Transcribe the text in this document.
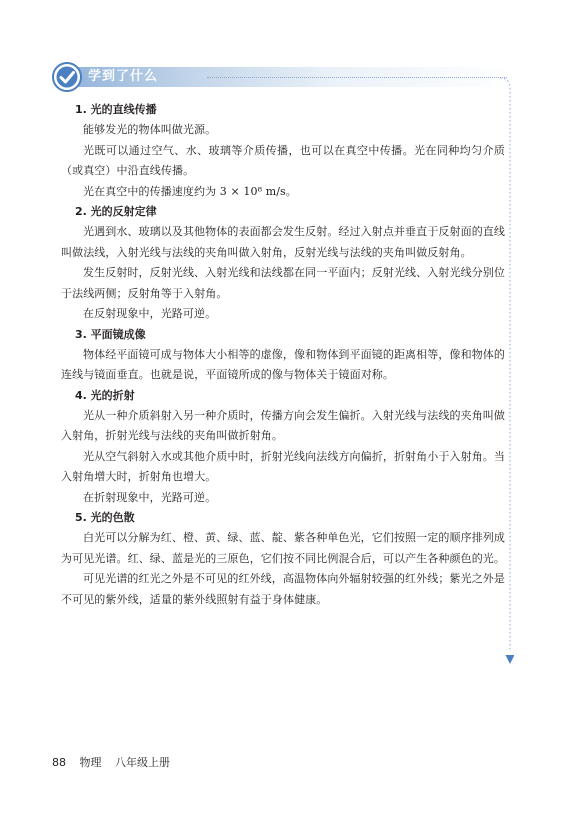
学到了什么

1. 光的直线传播

能够发光的物体叫做光源。

光既可以通过空气、水、玻璃等介质传播，也可以在真空中传播。光在同种均匀介质（或真空）中沿直线传播。

光在真空中的传播速度约为 3 × 10⁸ m/s。

2. 光的反射定律

光遇到水、玻璃以及其他物体的表面都会发生反射。经过入射点并垂直于反射面的直线叫做法线，入射光线与法线的夹角叫做入射角，反射光线与法线的夹角叫做反射角。

发生反射时，反射光线、入射光线和法线都在同一平面内；反射光线、入射光线分别位于法线两侧；反射角等于入射角。

在反射现象中，光路可逆。

3. 平面镜成像

物体经平面镜可成与物体大小相等的虚像，像和物体到平面镜的距离相等，像和物体的连线与镜面垂直。也就是说，平面镜所成的像与物体关于镜面对称。

4. 光的折射

光从一种介质斜射入另一种介质时，传播方向会发生偏折。入射光线与法线的夹角叫做入射角，折射光线与法线的夹角叫做折射角。

光从空气斜射入水或其他介质中时，折射光线向法线方向偏折，折射角小于入射角。当入射角增大时，折射角也增大。

在折射现象中，光路可逆。

5. 光的色散

白光可以分解为红、橙、黄、绿、蓝、靛、紫各种单色光，它们按照一定的顺序排列成为可见光谱。红、绿、蓝是光的三原色，它们按不同比例混合后，可以产生各种颜色的光。

可见光谱的红光之外是不可见的红外线，高温物体向外辐射较强的红外线；紫光之外是不可见的紫外线，适量的紫外线照射有益于身体健康。

88 物理 八年级上册
